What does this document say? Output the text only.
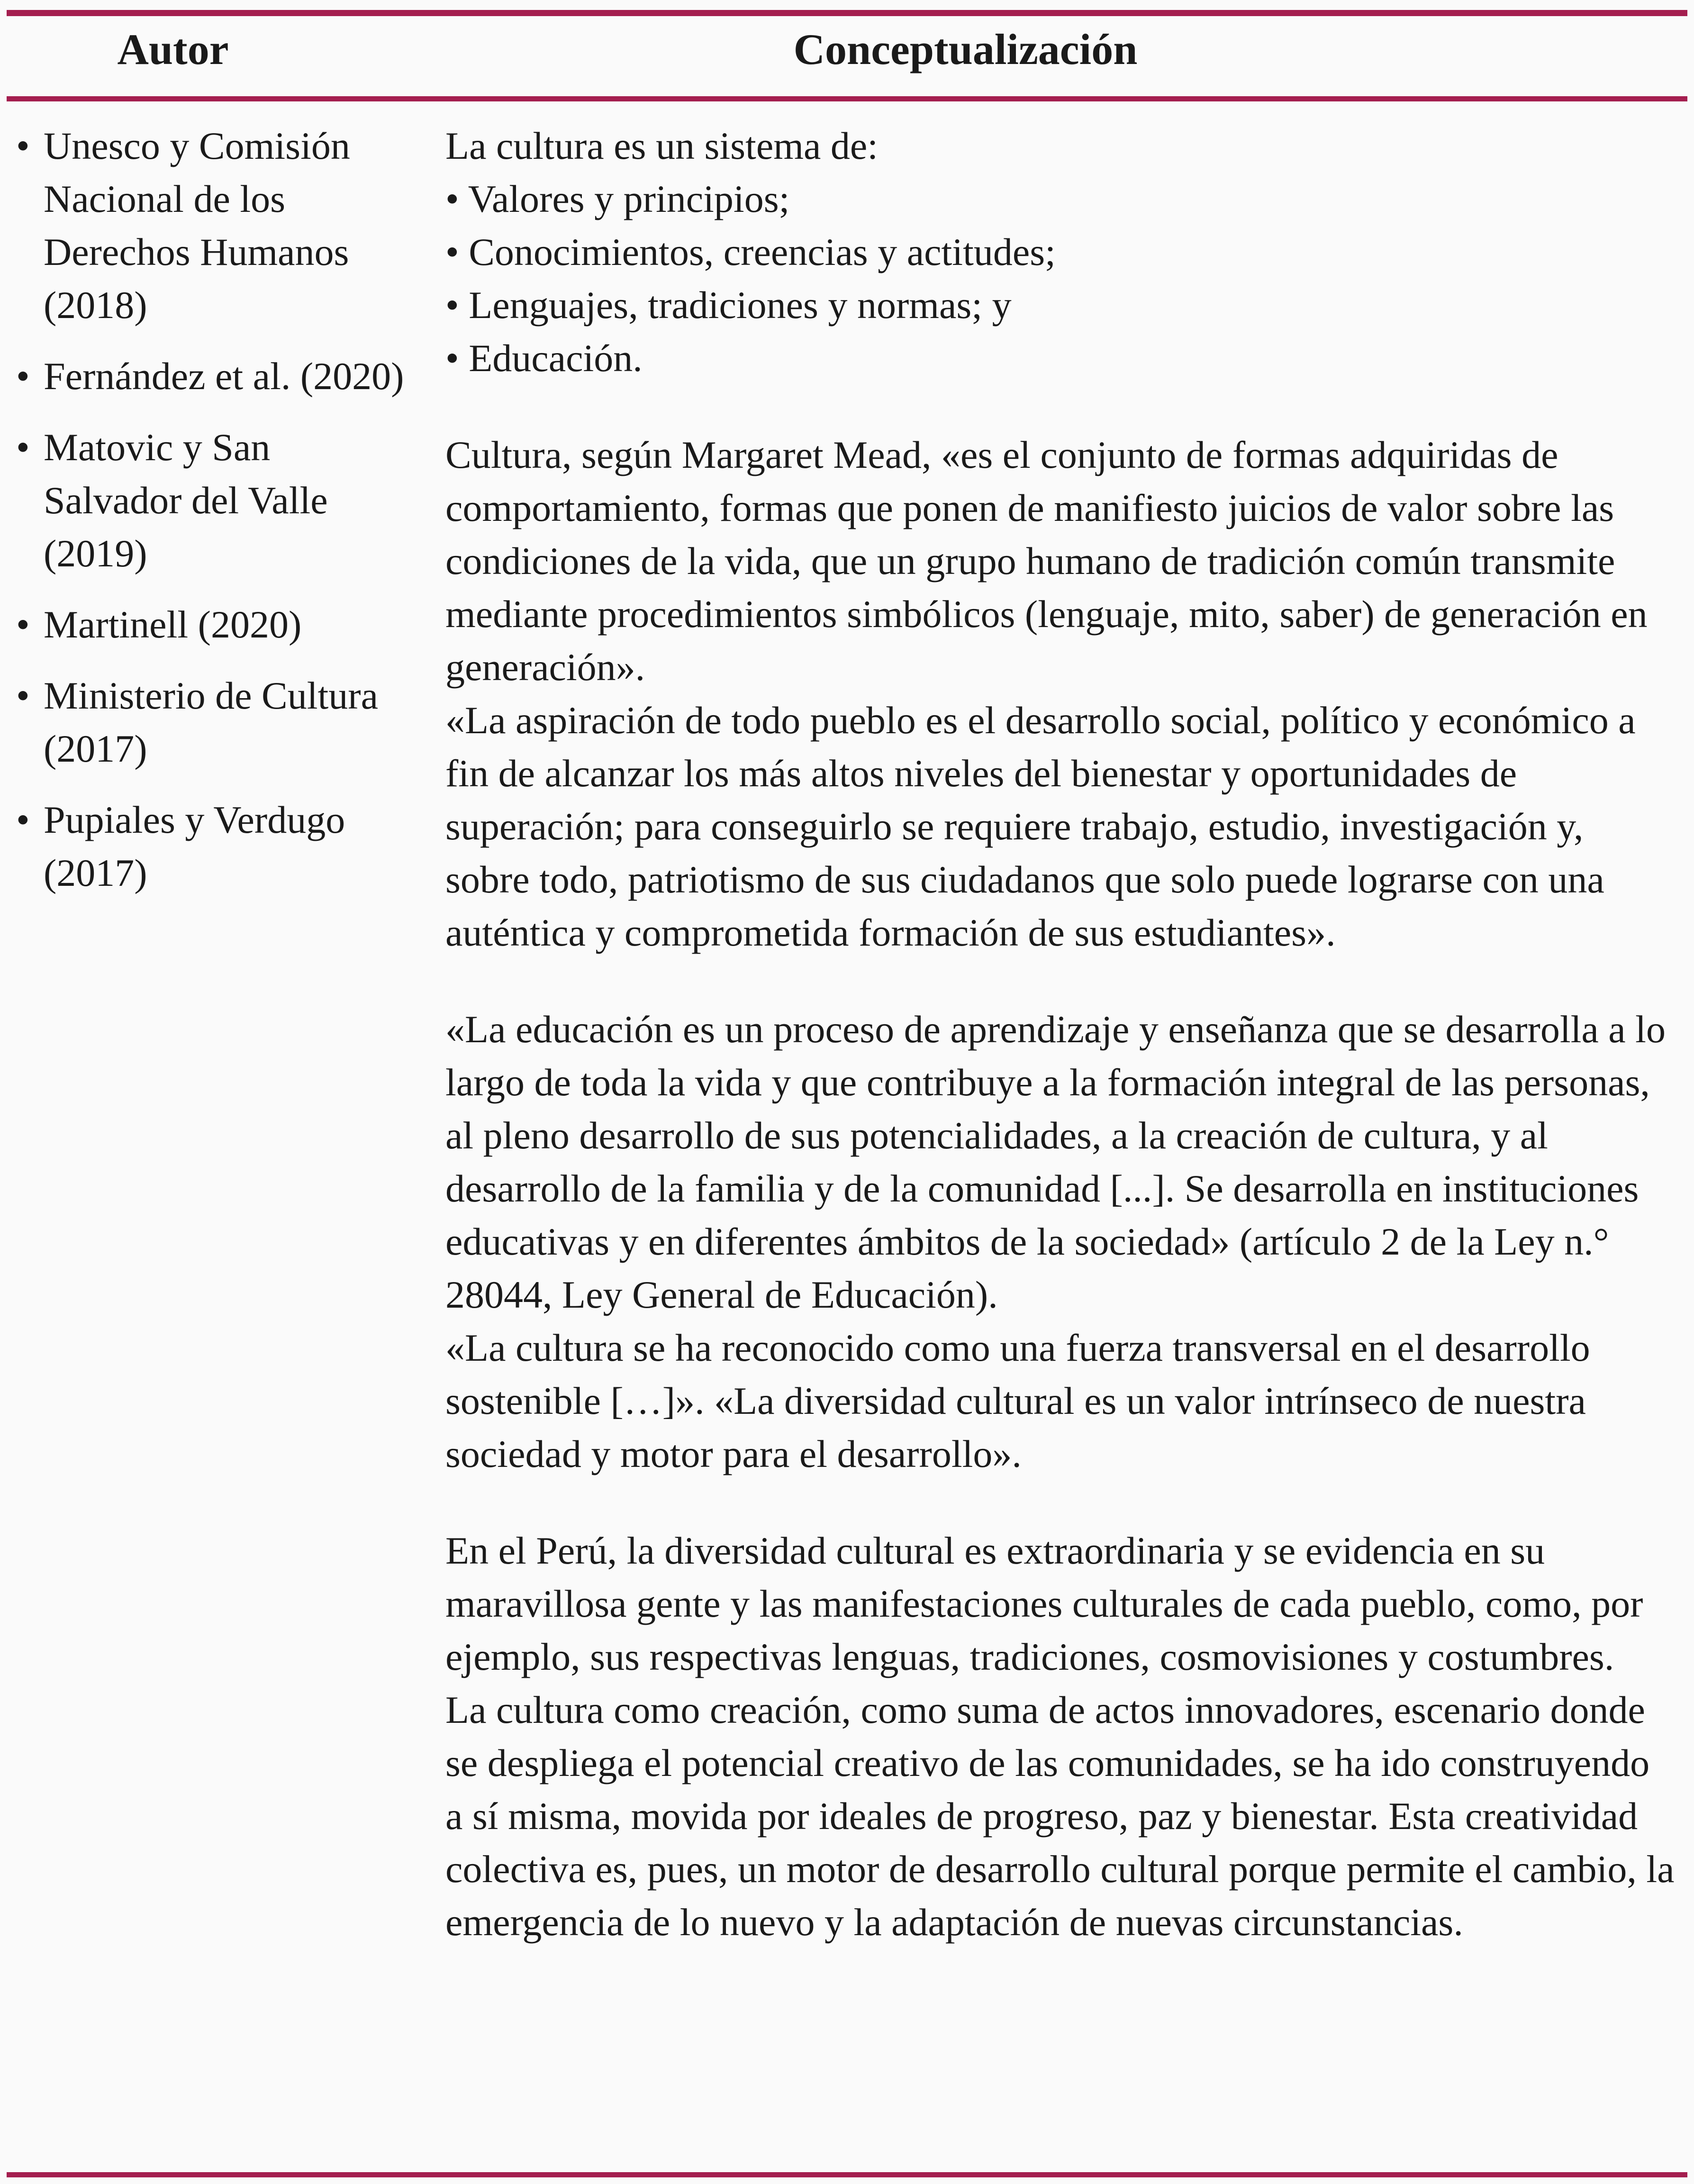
Autor	Conceptualización
• Unesco y Comisión Nacional de los Derechos Humanos (2018)
• Fernández et al. (2020)
• Matovic y San Salvador del Valle (2019)
• Martinell (2020)
• Ministerio de Cultura (2017)
• Pupiales y Verdugo (2017)
La cultura es un sistema de:
• Valores y principios;
• Conocimientos, creencias y actitudes;
• Lenguajes, tradiciones y normas; y
• Educación.

Cultura, según Margaret Mead, «es el conjunto de formas adquiridas de comportamiento, formas que ponen de manifiesto juicios de valor sobre las condiciones de la vida, que un grupo humano de tradición común transmite mediante procedimientos simbólicos (lenguaje, mito, saber) de generación en generación».

«La aspiración de todo pueblo es el desarrollo social, político y económico a fin de alcanzar los más altos niveles del bienestar y oportunidades de superación; para conseguirlo se requiere trabajo, estudio, investigación y, sobre todo, patriotismo de sus ciudadanos que solo puede lograrse con una auténtica y comprometida formación de sus estudiantes».

«La educación es un proceso de aprendizaje y enseñanza que se desarrolla a lo largo de toda la vida y que contribuye a la formación integral de las personas, al pleno desarrollo de sus potencialidades, a la creación de cultura, y al desarrollo de la familia y de la comunidad [...]. Se desarrolla en instituciones educativas y en diferentes ámbitos de la sociedad» (artículo 2 de la Ley n.° 28044, Ley General de Educación).

«La cultura se ha reconocido como una fuerza transversal en el desarrollo sostenible […]». «La diversidad cultural es un valor intrínseco de nuestra sociedad y motor para el desarrollo».

En el Perú, la diversidad cultural es extraordinaria y se evidencia en su maravillosa gente y las manifestaciones culturales de cada pueblo, como, por ejemplo, sus respectivas lenguas, tradiciones, cosmovisiones y costumbres.

La cultura como creación, como suma de actos innovadores, escenario donde se despliega el potencial creativo de las comunidades, se ha ido construyendo a sí misma, movida por ideales de progreso, paz y bienestar. Esta creatividad colectiva es, pues, un motor de desarrollo cultural porque permite el cambio, la emergencia de lo nuevo y la adaptación de nuevas circunstancias.
